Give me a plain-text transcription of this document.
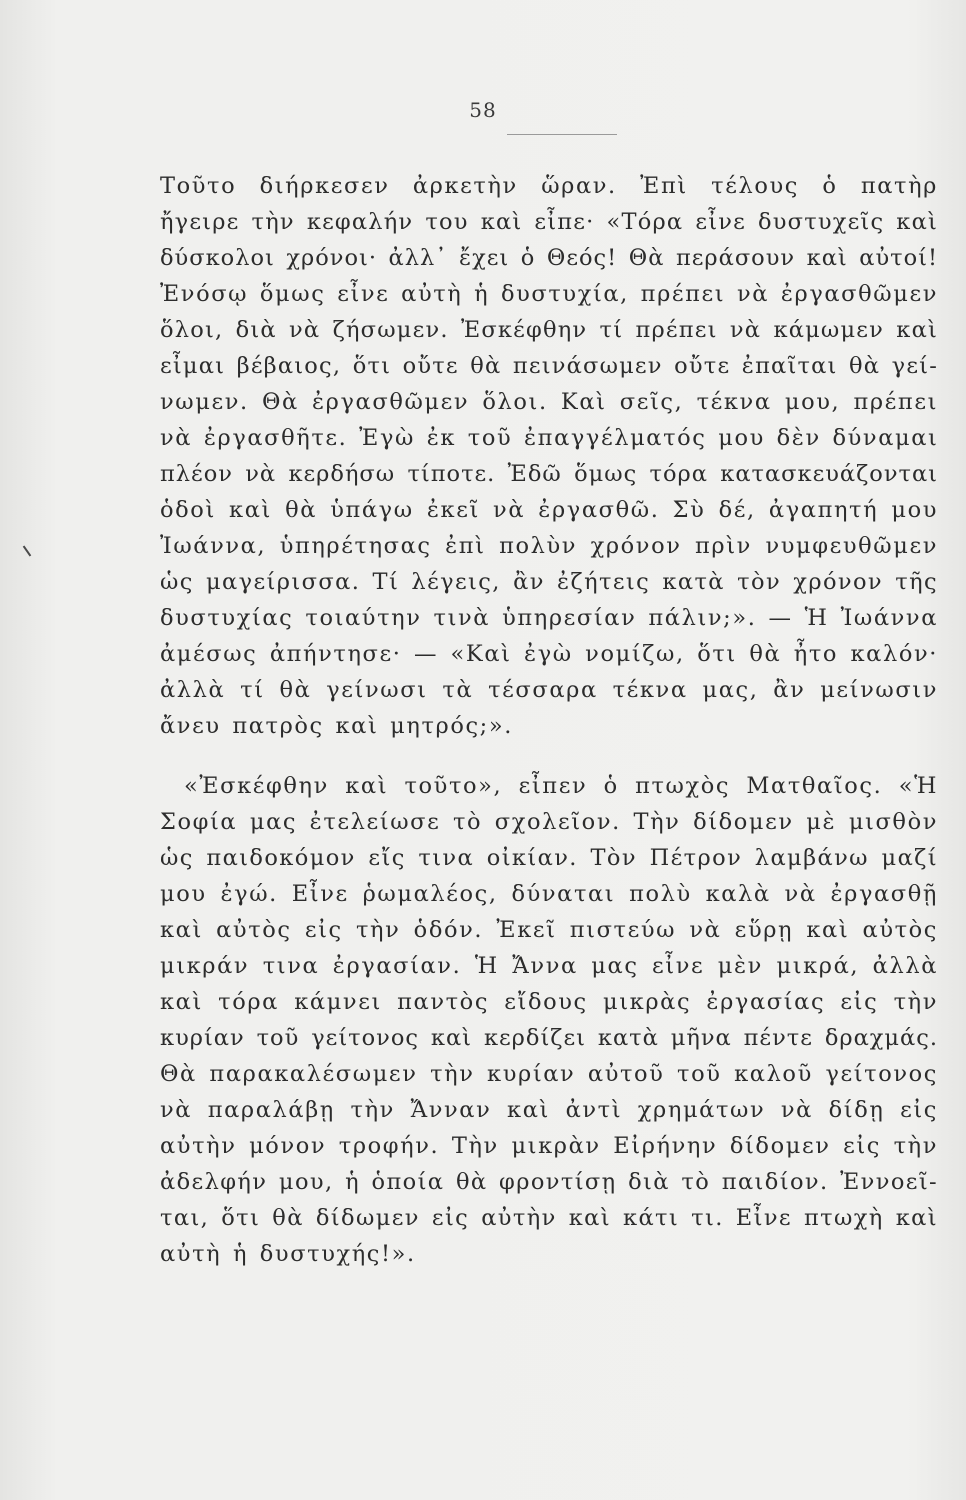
58
Τοῦτο διήρκεσεν ἀρκετὴν ὥραν. Ἐπὶ τέλους ὁ πατὴρ
ἤγειρε τὴν κεφαλήν του καὶ εἶπε· «Τόρα εἶνε δυστυχεῖς καὶ
δύσκολοι χρόνοι· ἀλλ᾽ ἔχει ὁ Θεός! Θὰ περάσουν καὶ αὐτοί!
Ἐνόσῳ ὅμως εἶνε αὐτὴ ἡ δυστυχία, πρέπει νὰ ἐργασθῶμεν
ὅλοι, διὰ νὰ ζήσωμεν. Ἐσκέφθην τί πρέπει νὰ κάμωμεν καὶ
εἶμαι βέβαιος, ὅτι οὔτε θὰ πεινάσωμεν οὔτε ἐπαῖται θὰ γεί-
νωμεν. Θὰ ἐργασθῶμεν ὅλοι. Καὶ σεῖς, τέκνα μου, πρέπει
νὰ ἐργασθῆτε. Ἐγὼ ἐκ τοῦ ἐπαγγέλματός μου δὲν δύναμαι
πλέον νὰ κερδήσω τίποτε. Ἐδῶ ὅμως τόρα κατασκευάζονται
ὁδοὶ καὶ θὰ ὑπάγω ἐκεῖ νὰ ἐργασθῶ. Σὺ δέ, ἀγαπητή μου
Ἰωάννα, ὑπηρέτησας ἐπὶ πολὺν χρόνον πρὶν νυμφευθῶμεν
ὡς μαγείρισσα. Τί λέγεις, ἂν ἐζήτεις κατὰ τὸν χρόνον τῆς
δυστυχίας τοιαύτην τινὰ ὑπηρεσίαν πάλιν;». — Ἡ Ἰωάννα
ἀμέσως ἀπήντησε· — «Καὶ ἐγὼ νομίζω, ὅτι θὰ ἦτο καλόν·
ἀλλὰ τί θὰ γείνωσι τὰ τέσσαρα τέκνα μας, ἂν μείνωσιν
ἄνευ πατρὸς καὶ μητρός;».
«Ἐσκέφθην καὶ τοῦτο», εἶπεν ὁ πτωχὸς Ματθαῖος. «Ἡ
Σοφία μας ἐτελείωσε τὸ σχολεῖον. Τὴν δίδομεν μὲ μισθὸν
ὡς παιδοκόμον εἴς τινα οἰκίαν. Τὸν Πέτρον λαμβάνω μαζί
μου ἐγώ. Εἶνε ῥωμαλέος, δύναται πολὺ καλὰ νὰ ἐργασθῇ
καὶ αὐτὸς εἰς τὴν ὁδόν. Ἐκεῖ πιστεύω νὰ εὕρῃ καὶ αὐτὸς
μικράν τινα ἐργασίαν. Ἡ Ἄννα μας εἶνε μὲν μικρά, ἀλλὰ
καὶ τόρα κάμνει παντὸς εἴδους μικρὰς ἐργασίας εἰς τὴν
κυρίαν τοῦ γείτονος καὶ κερδίζει κατὰ μῆνα πέντε δραχμάς.
Θὰ παρακαλέσωμεν τὴν κυρίαν αὐτοῦ τοῦ καλοῦ γείτονος
νὰ παραλάβῃ τὴν Ἄνναν καὶ ἀντὶ χρημάτων νὰ δίδῃ εἰς
αὐτὴν μόνον τροφήν. Τὴν μικρὰν Εἰρήνην δίδομεν εἰς τὴν
ἀδελφήν μου, ἡ ὁποία θὰ φροντίσῃ διὰ τὸ παιδίον. Ἐννοεῖ-
ται, ὅτι θὰ δίδωμεν εἰς αὐτὴν καὶ κάτι τι. Εἶνε πτωχὴ καὶ
αὐτὴ ἡ δυστυχής!».
